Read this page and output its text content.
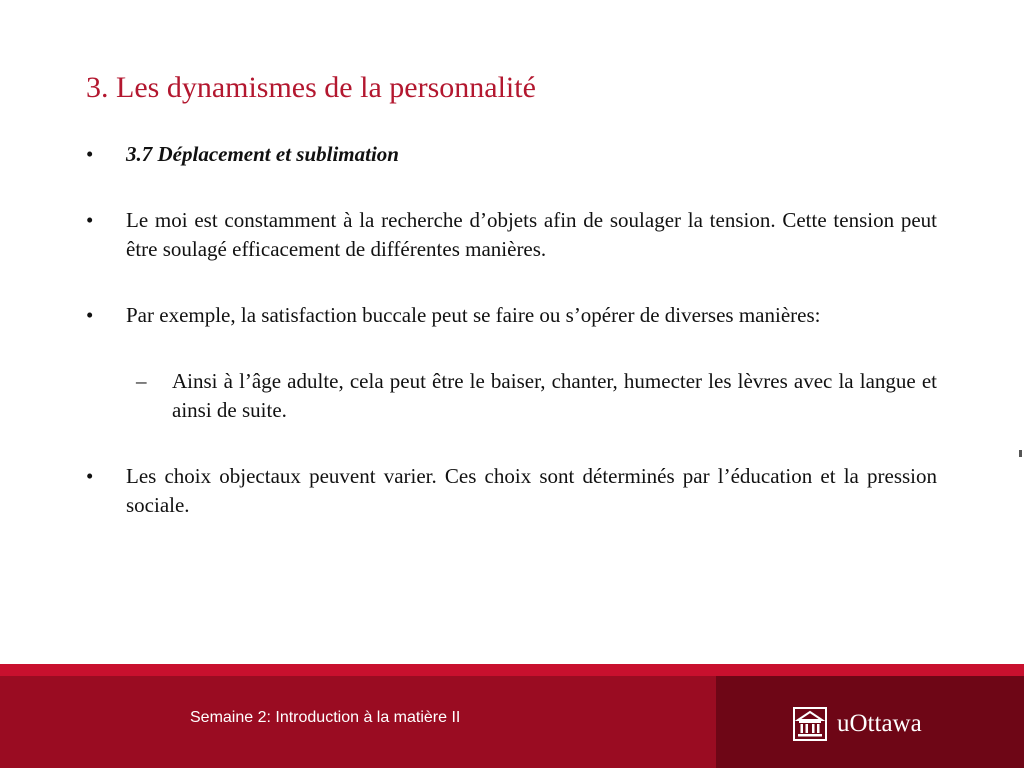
3. Les dynamismes de la personnalité

•	3.7 Déplacement et sublimation

•	Le moi est constamment à la recherche d’objets afin de soulager la tension. Cette tension peut être soulagé efficacement de différentes manières.

•	Par exemple, la satisfaction buccale peut se faire ou s’opérer de diverses manières:

– Ainsi à l’âge adulte, cela peut être le baiser, chanter, humecter les lèvres avec la langue et ainsi de suite.

•	Les choix objectaux peuvent varier. Ces choix sont déterminés par l’éducation et la pression sociale.

Semaine 2: Introduction à la matière II	uOttawa
